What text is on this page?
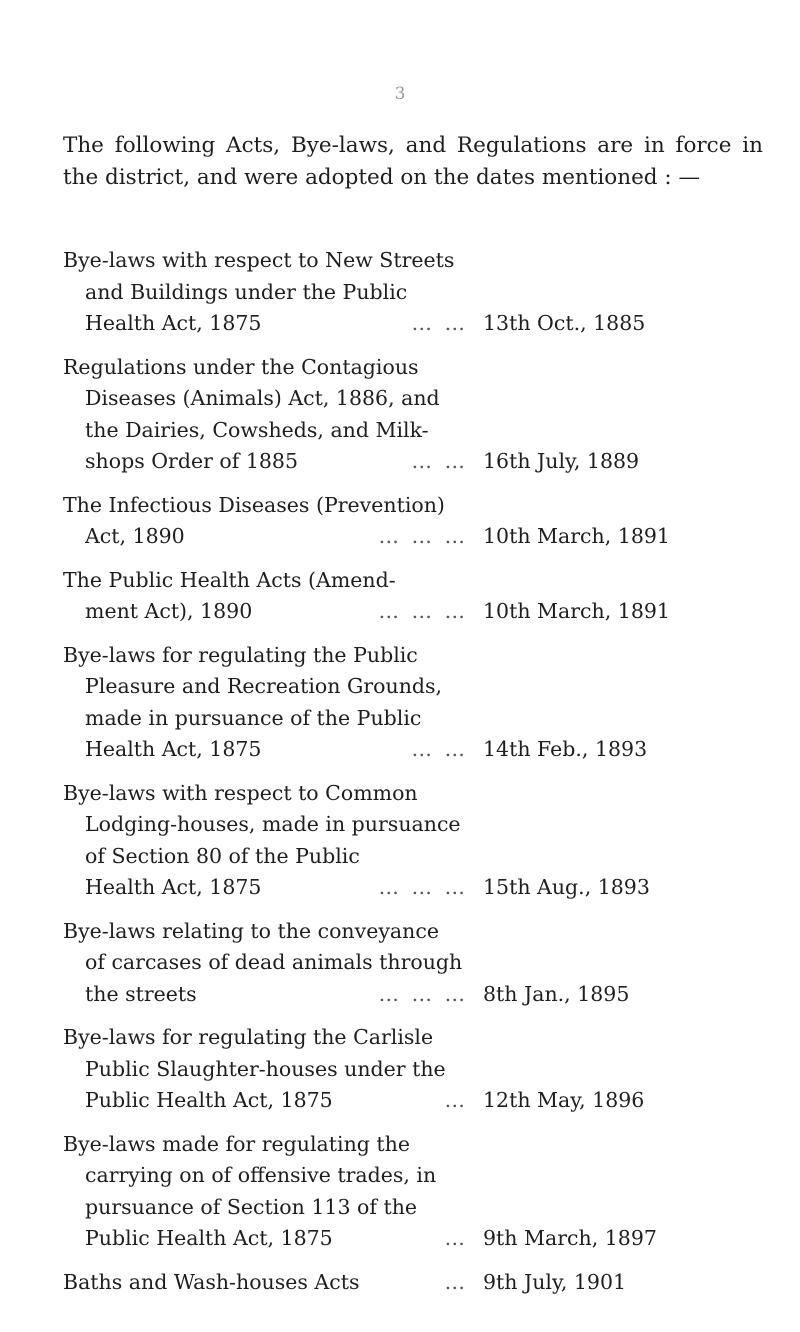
3
The following Acts, Bye-laws, and Regulations are in force in the district, and were adopted on the dates mentioned : —
Bye-laws with respect to New Streets
and Buildings under the Public
Health Act, 1875	… … 13th Oct., 1885
Regulations under the Contagious
Diseases (Animals) Act, 1886, and
the Dairies, Cowsheds, and Milk-
shops Order of 1885	… … 16th July, 1889
The Infectious Diseases (Prevention)
Act, 1890	… … … 10th March, 1891
The Public Health Acts (Amend-
ment Act), 1890	… … … 10th March, 1891
Bye-laws for regulating the Public
Pleasure and Recreation Grounds,
made in pursuance of the Public
Health Act, 1875	… … 14th Feb., 1893
Bye-laws with respect to Common
Lodging-houses, made in pursuance
of Section 80 of the Public
Health Act, 1875	… … … 15th Aug., 1893
Bye-laws relating to the conveyance
of carcases of dead animals through
the streets	… … … 8th Jan., 1895
Bye-laws for regulating the Carlisle
Public Slaughter-houses under the
Public Health Act, 1875	… 12th May, 1896
Bye-laws made for regulating the
carrying on of offensive trades, in
pursuance of Section 113 of the
Public Health Act, 1875	… 9th March, 1897
Baths and Wash-houses Acts	… 9th July, 1901
